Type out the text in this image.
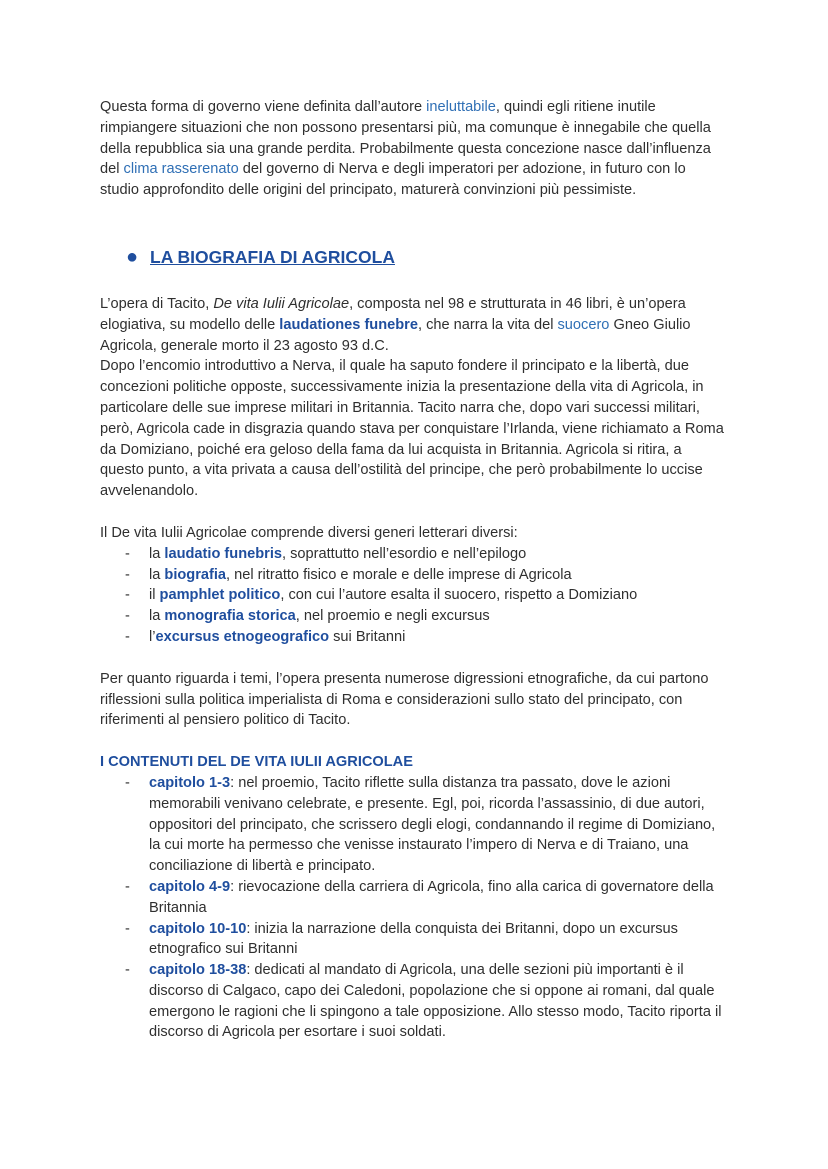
Questa forma di governo viene definita dall’autore ineluttabile, quindi egli ritiene inutile rimpiangere situazioni che non possono presentarsi più, ma comunque è innegabile che quella della repubblica sia una grande perdita. Probabilmente questa concezione nasce dall’influenza del clima rasserenato del governo di Nerva e degli imperatori per adozione, in futuro con lo studio approfondito delle origini del principato, maturerà convinzioni più pessimiste.

● LA BIOGRAFIA DI AGRICOLA

L’opera di Tacito, De vita Iulii Agricolae, composta nel 98 e strutturata in 46 libri, è un’opera elogiativa, su modello delle laudationes funebre, che narra la vita del suocero Gneo Giulio Agricola, generale morto il 23 agosto 93 d.C.

Dopo l’encomio introduttivo a Nerva, il quale ha saputo fondere il principato e la libertà, due concezioni politiche opposte, successivamente inizia la presentazione della vita di Agricola, in particolare delle sue imprese militari in Britannia. Tacito narra che, dopo vari successi militari, però, Agricola cade in disgrazia quando stava per conquistare l’Irlanda, viene richiamato a Roma da Domiziano, poiché era geloso della fama da lui acquista in Britannia. Agricola si ritira, a questo punto, a vita privata a causa dell’ostilità del principe, che però probabilmente lo uccise avvelenandolo.

Il De vita Iulii Agricolae comprende diversi generi letterari diversi:

- la laudatio funebris, soprattutto nell’esordio e nell’epilogo
- la biografia, nel ritratto fisico e morale e delle imprese di Agricola
- il pamphlet politico, con cui l’autore esalta il suocero, rispetto a Domiziano
- la monografia storica, nel proemio e negli excursus
- l’excursus etnogeografico sui Britanni

Per quanto riguarda i temi, l’opera presenta numerose digressioni etnografiche, da cui partono riflessioni sulla politica imperialista di Roma e considerazioni sullo stato del principato, con riferimenti al pensiero politico di Tacito.

I CONTENUTI DEL DE VITA IULII AGRICOLAE

- capitolo 1-3: nel proemio, Tacito riflette sulla distanza tra passato, dove le azioni memorabili venivano celebrate, e presente. Egl, poi, ricorda l’assassinio, di due autori, oppositori del principato, che scrissero degli elogi, condannando il regime di Domiziano, la cui morte ha permesso che venisse instaurato l’impero di Nerva e di Traiano, una conciliazione di libertà e principato.
- capitolo 4-9: rievocazione della carriera di Agricola, fino alla carica di governatore della Britannia
- capitolo 10-10: inizia la narrazione della conquista dei Britanni, dopo un excursus etnografico sui Britanni
- capitolo 18-38: dedicati al mandato di Agricola, una delle sezioni più importanti è il discorso di Calgaco, capo dei Caledoni, popolazione che si oppone ai romani, dal quale emergono le ragioni che li spingono a tale opposizione. Allo stesso modo, Tacito riporta il discorso di Agricola per esortare i suoi soldati.
